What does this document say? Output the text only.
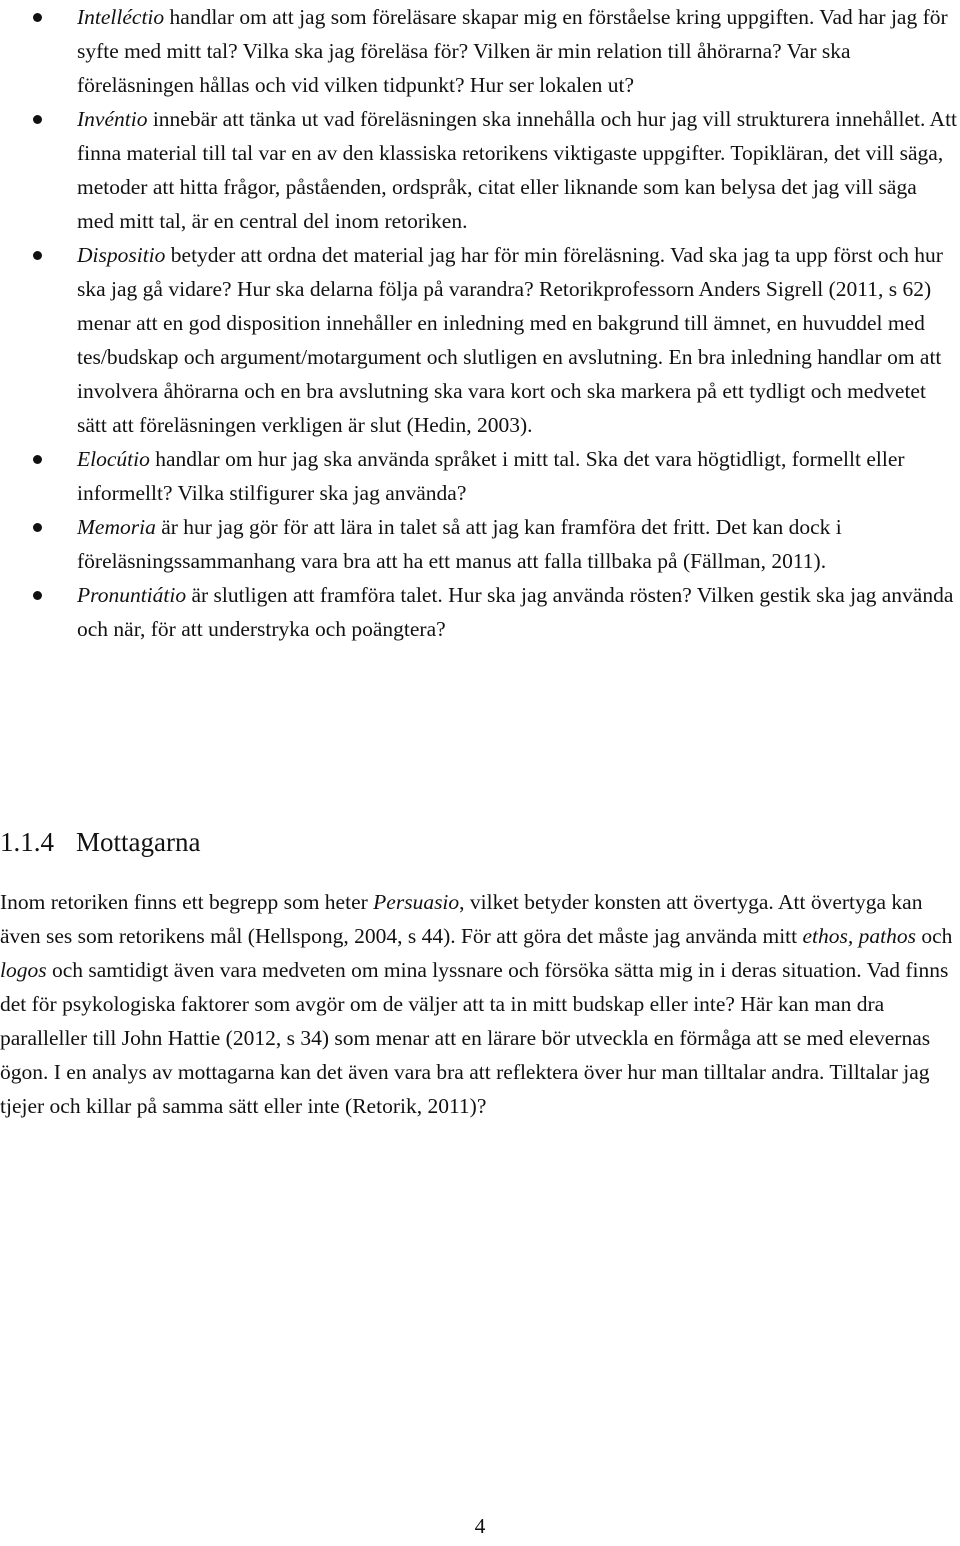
Intelléctio handlar om att jag som föreläsare skapar mig en förståelse kring uppgiften. Vad har jag för syfte med mitt tal? Vilka ska jag föreläsa för? Vilken är min relation till åhörarna? Var ska föreläsningen hållas och vid vilken tidpunkt? Hur ser lokalen ut?
Invéntio innebär att tänka ut vad föreläsningen ska innehålla och hur jag vill strukturera innehållet. Att finna material till tal var en av den klassiska retorikens viktigaste uppgifter. Topikläran, det vill säga, metoder att hitta frågor, påståenden, ordspråk, citat eller liknande som kan belysa det jag vill säga med mitt tal, är en central del inom retoriken.
Dispositio betyder att ordna det material jag har för min föreläsning. Vad ska jag ta upp först och hur ska jag gå vidare? Hur ska delarna följa på varandra? Retorikprofessorn Anders Sigrell (2011, s 62) menar att en god disposition innehåller en inledning med en bakgrund till ämnet, en huvuddel med tes/budskap och argument/motargument och slutligen en avslutning. En bra inledning handlar om att involvera åhörarna och en bra avslutning ska vara kort och ska markera på ett tydligt och medvetet sätt att föreläsningen verkligen är slut (Hedin, 2003).
Elocútio handlar om hur jag ska använda språket i mitt tal. Ska det vara högtidligt, formellt eller informellt? Vilka stilfigurer ska jag använda?
Memoria är hur jag gör för att lära in talet så att jag kan framföra det fritt. Det kan dock i föreläsningssammanhang vara bra att ha ett manus att falla tillbaka på (Fällman, 2011).
Pronuntiátio är slutligen att framföra talet. Hur ska jag använda rösten? Vilken gestik ska jag använda och när, för att understryka och poängtera?
1.1.4 Mottagarna

Inom retoriken finns ett begrepp som heter Persuasio, vilket betyder konsten att övertyga. Att övertyga kan även ses som retorikens mål (Hellspong, 2004, s 44). För att göra det måste jag använda mitt ethos, pathos och logos och samtidigt även vara medveten om mina lyssnare och försöka sätta mig in i deras situation. Vad finns det för psykologiska faktorer som avgör om de väljer att ta in mitt budskap eller inte? Här kan man dra paralleller till John Hattie (2012, s 34) som menar att en lärare bör utveckla en förmåga att se med elevernas ögon. I en analys av mottagarna kan det även vara bra att reflektera över hur man tilltalar andra. Tilltalar jag tjejer och killar på samma sätt eller inte (Retorik, 2011)?

4
